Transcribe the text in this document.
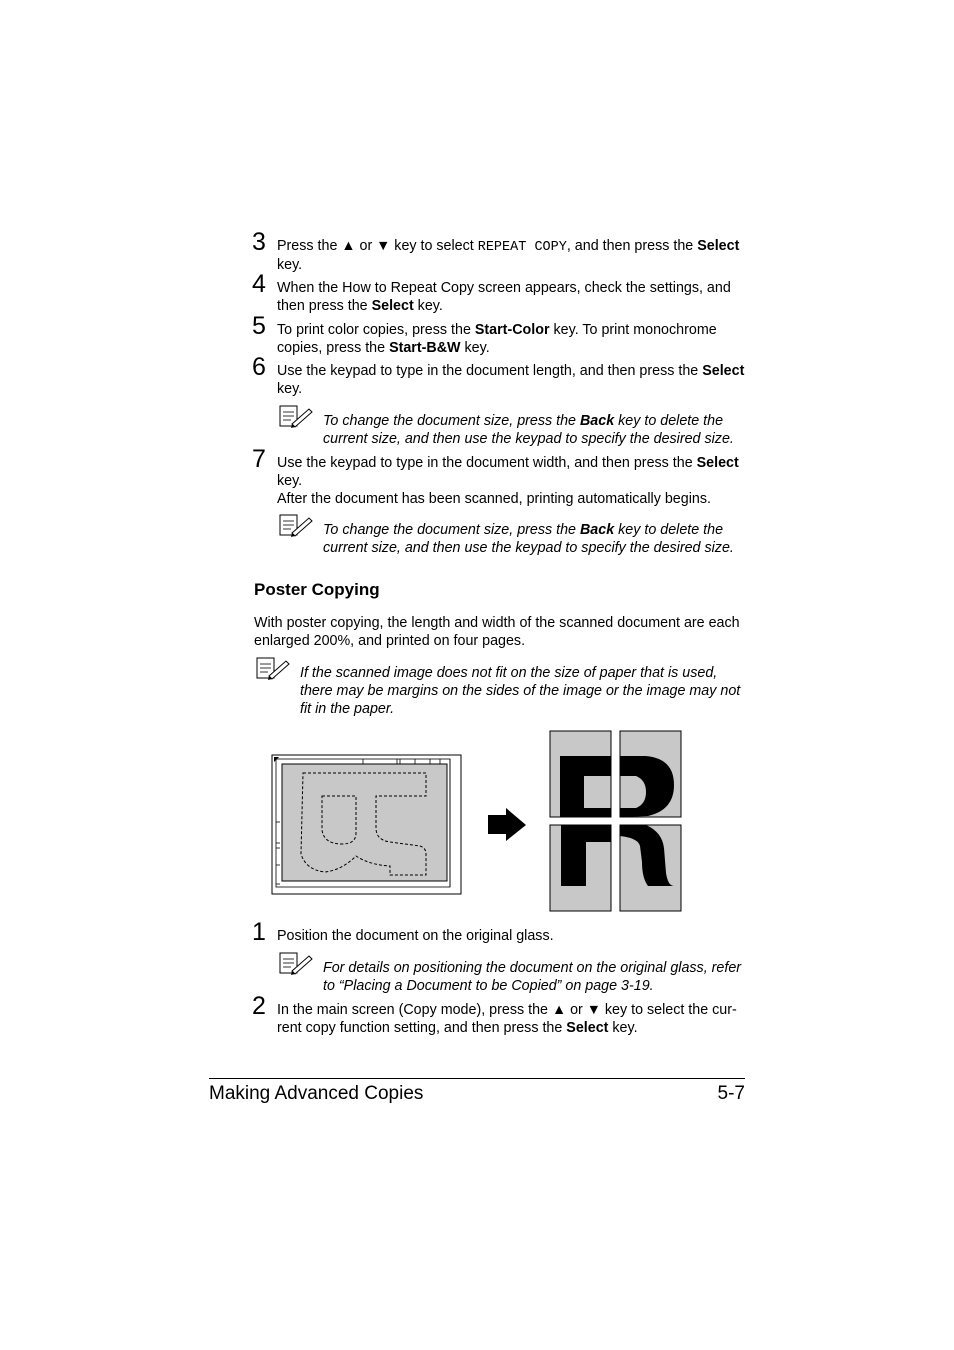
3 Press the ▲ or ▼ key to select REPEAT COPY, and then press the Select key.
4 When the How to Repeat Copy screen appears, check the settings, and then press the Select key.
5 To print color copies, press the Start-Color key. To print monochrome copies, press the Start-B&W key.
6 Use the keypad to type in the document length, and then press the Select key.
To change the document size, press the Back key to delete the current size, and then use the keypad to specify the desired size.
7 Use the keypad to type in the document width, and then press the Select key.
After the document has been scanned, printing automatically begins.
To change the document size, press the Back key to delete the current size, and then use the keypad to specify the desired size.
Poster Copying
With poster copying, the length and width of the scanned document are each enlarged 200%, and printed on four pages.
If the scanned image does not fit on the size of paper that is used, there may be margins on the sides of the image or the image may not fit in the paper.
1 Position the document on the original glass.
For details on positioning the document on the original glass, refer to “Placing a Document to be Copied” on page 3-19.
2 In the main screen (Copy mode), press the ▲ or ▼ key to select the cur-rent copy function setting, and then press the Select key.
Making Advanced Copies	5-7
